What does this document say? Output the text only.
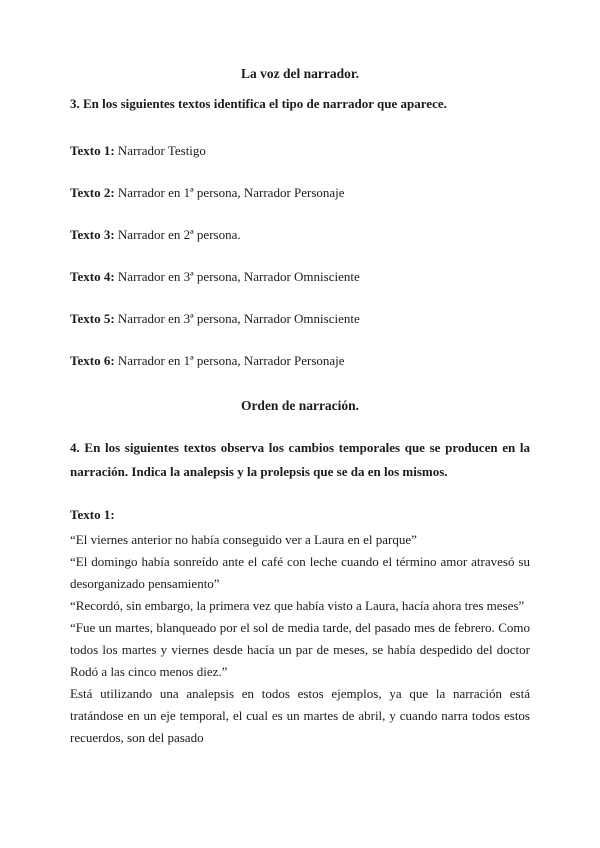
La voz del narrador.

3. En los siguientes textos identifica el tipo de narrador que aparece.

Texto 1: Narrador Testigo

Texto 2: Narrador en 1ª persona, Narrador Personaje

Texto 3: Narrador en 2ª persona.

Texto 4: Narrador en 3ª persona, Narrador Omnisciente

Texto 5: Narrador en 3ª persona, Narrador Omnisciente

Texto 6: Narrador en 1ª persona, Narrador Personaje

Orden de narración.

4. En los siguientes textos observa los cambios temporales que se producen en la narración. Indica la analepsis y la prolepsis que se da en los mismos.

Texto 1:

“El viernes anterior no había conseguido ver a Laura en el parque”

“El domingo había sonreído ante el café con leche cuando el término amor atravesó su desorganizado pensamiento”

“Recordó, sin embargo, la primera vez que había visto a Laura, hacía ahora tres meses”

“Fue un martes, blanqueado por el sol de media tarde, del pasado mes de febrero. Como todos los martes y viernes desde hacía un par de meses, se había despedido del doctor Rodó a las cinco menos diez.”

Está utilizando una analepsis en todos estos ejemplos, ya que la narración está tratándose en un eje temporal, el cual es un martes de abril, y cuando narra todos estos recuerdos, son del pasado
